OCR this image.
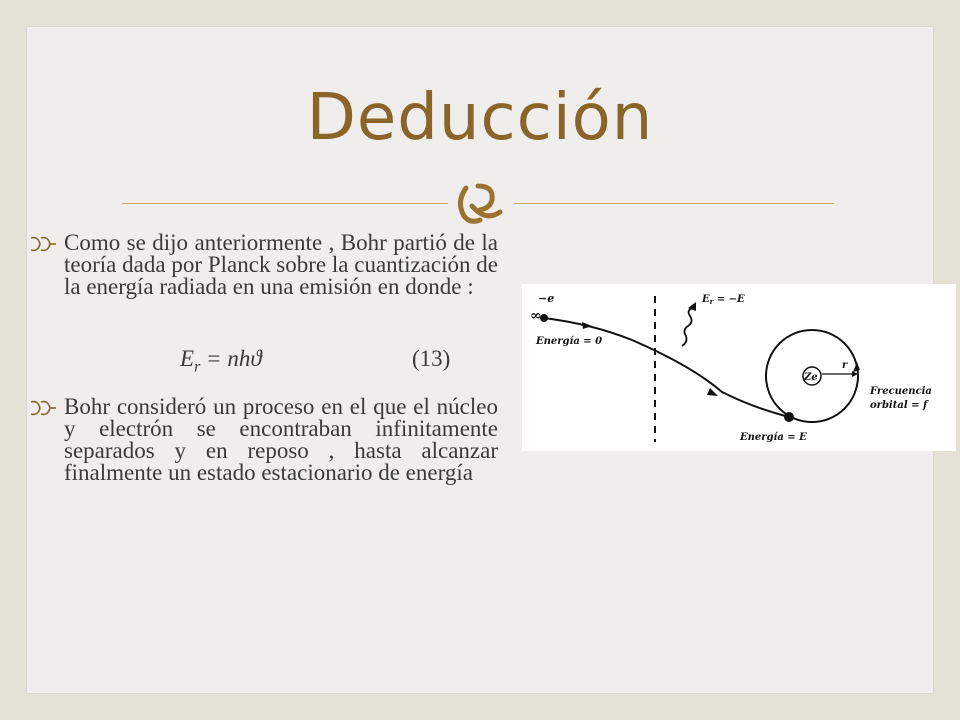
Deducción
Como se dijo anteriormente , Bohr partió de la teoría dada por Planck sobre la cuantización de la energía radiada en una emisión en donde :
$E_r = nhϑ$	(13)
Bohr consideró un proceso en el que el núcleo y electrón se encontraban infinitamente separados y en reposo , hasta alcanzar finalmente un estado estacionario de energía
−e
∞
Energía = 0
$E_r = -E$
Ze
r
Frecuencia
orbital = f
Energía = E
